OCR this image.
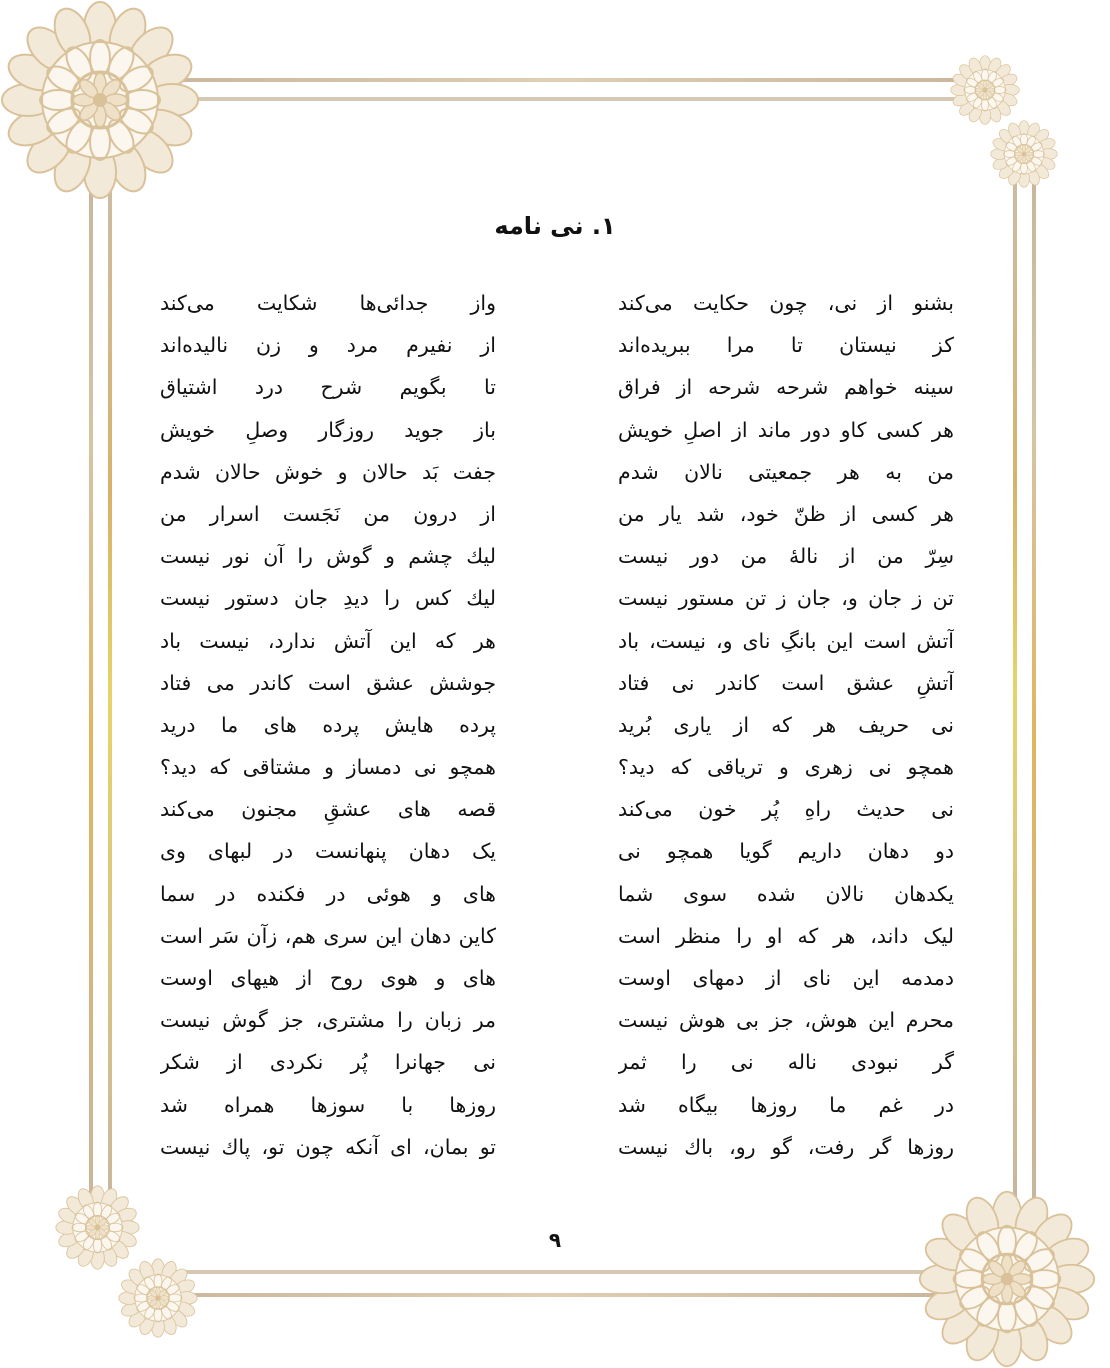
۱. نی نامه
بشنو از نی، چون حکایت می‌کند
کز نیستان تا مرا ببریده‌اند
سینه خواهم شرحه شرحه از فراق
هر کسی کاو دور ماند از اصلِ خویش
من به هر جمعیتی نالان شدم
هر کسی از ظنّ خود، شد یار من
سِرّ من از نالهٔ من دور نیست
تن ز جان و، جان ز تن مستور نیست
آتش است این بانگِ نای و، نیست، باد
آتشِ عشق است کاندر نی فتاد
نی حریف هر که از یاری بُرید
همچو نی زهری و تریاقی که دید؟
نی حدیث راهِ پُر خون می‌کند
دو دهان داریم گویا همچو نی
یکدهان نالان شده سوی شما
لیک داند، هر که او را منظر است
دمدمه این نای از دمهای اوست
محرم این هوش، جز بی هوش نیست
گر نبودی ناله نی را ثمر
در غم ما روزها بیگاه شد
روزها گر رفت، گو رو، باك نیست
واز جدائی‌ها شکایت می‌کند
از نفیرم مرد و زن نالیده‌اند
تا بگویم شرح درد اشتیاق
باز جوید روزگار وصلِ خویش
جفت بَد حالان و خوش حالان شدم
از درون من نَجَست اسرار من
لیك چشم و گوش را آن نور نیست
لیك کس را دیدِ جان دستور نیست
هر که این آتش ندارد، نیست باد
جوشش عشق است کاندر می فتاد
پرده هایش پرده های ما درید
همچو نی دمساز و مشتاقی که دید؟
قصه های عشقِ مجنون می‌کند
یک دهان پنهانست در لبهای وی
های و هوئی در فکنده در سما
کاین دهان این سری هم، زآن سَر است
های و هوی روح از هیهای اوست
مر زبان را مشتری، جز گوش نیست
نی جهانرا پُر نکردی از شکر
روزها با سوزها همراه شد
تو بمان، ای آنکه چون تو، پاك نیست
۹
